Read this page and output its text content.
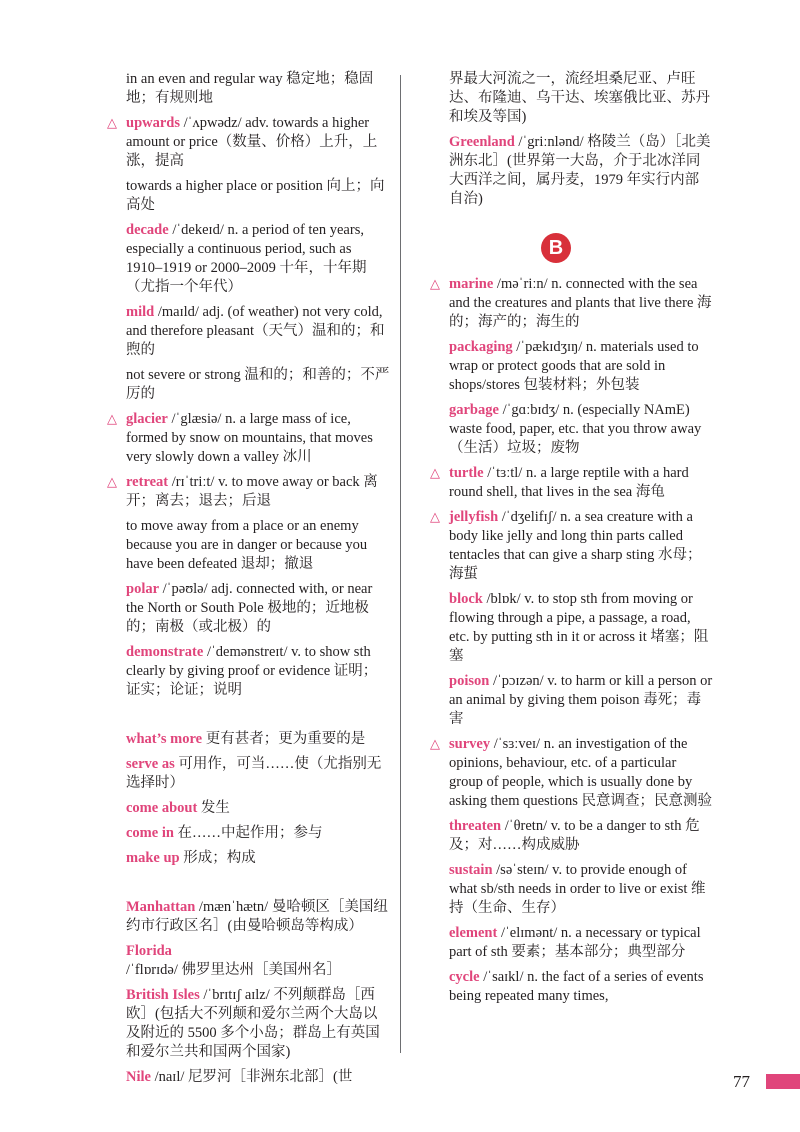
in an even and regular way 稳定地；稳固地；有规则地
△ upwards /ˈʌpwədz/ adv. towards a higher amount or price（数量、价格）上升，上涨，提高
towards a higher place or position 向上；向高处
decade /ˈdekeɪd/ n. a period of ten years, especially a continuous period, such as 1910–1919 or 2000–2009 十年，十年期（尤指一个年代）
mild /maɪld/ adj. (of weather) not very cold, and therefore pleasant（天气）温和的；和煦的
not severe or strong 温和的；和善的；不严厉的
△ glacier /ˈglæsiə/ n. a large mass of ice, formed by snow on mountains, that moves very slowly down a valley 冰川
△ retreat /rɪˈtriːt/ v. to move away or back 离开；离去；退去；后退
to move away from a place or an enemy because you are in danger or because you have been defeated 退却；撤退
polar /ˈpəʊlə/ adj. connected with, or near the North or South Pole 极地的；近地极的；南极（或北极）的
demonstrate /ˈdemənstreɪt/ v. to show sth clearly by giving proof or evidence 证明；证实；论证；说明
what’s more 更有甚者；更为重要的是
serve as 可用作，可当……使（尤指别无选择时）
come about 发生
come in 在……中起作用；参与
make up 形成；构成
Manhattan /mænˈhætn/ 曼哈顿区［美国纽约市行政区名］(由曼哈顿岛等构成）
Florida /ˈflɒrɪdə/ 佛罗里达州［美国州名］
British Isles /ˈbrɪtɪʃ aɪlz/ 不列颠群岛［西欧］(包括大不列颠和爱尔兰两个大岛以及附近的 5500 多个小岛；群岛上有英国和爱尔兰共和国两个国家)
Nile /naɪl/ 尼罗河［非洲东北部］(世
界最大河流之一，流经坦桑尼亚、卢旺达、布隆迪、乌干达、埃塞俄比亚、苏丹和埃及等国)
Greenland /ˈgriːnlənd/ 格陵兰（岛）［北美洲东北］(世界第一大岛，介于北冰洋同大西洋之间，属丹麦，1979 年实行内部自治)
B
△ marine /məˈriːn/ n. connected with the sea and the creatures and plants that live there 海的；海产的；海生的
packaging /ˈpækɪdʒɪŋ/ n. materials used to wrap or protect goods that are sold in shops/stores 包装材料；外包装
garbage /ˈgɑːbɪdʒ/ n. (especially NAmE) waste food, paper, etc. that you throw away（生活）垃圾；废物
△ turtle /ˈtɜːtl/ n. a large reptile with a hard round shell, that lives in the sea 海龟
△ jellyfish /ˈdʒelifɪʃ/ n. a sea creature with a body like jelly and long thin parts called tentacles that can give a sharp sting 水母；海蜇
block /blɒk/ v. to stop sth from moving or flowing through a pipe, a passage, a road, etc. by putting sth in it or across it 堵塞；阻塞
poison /ˈpɔɪzən/ v. to harm or kill a person or an animal by giving them poison 毒死；毒害
△ survey /ˈsɜːveɪ/ n. an investigation of the opinions, behaviour, etc. of a particular group of people, which is usually done by asking them questions 民意调查；民意测验
threaten /ˈθretn/ v. to be a danger to sth 危及；对……构成威胁
sustain /səˈsteɪn/ v. to provide enough of what sb/sth needs in order to live or exist 维持（生命、生存）
element /ˈelɪmənt/ n. a necessary or typical part of sth 要素；基本部分；典型部分
cycle /ˈsaɪkl/ n. the fact of a series of events being repeated many times,
77
